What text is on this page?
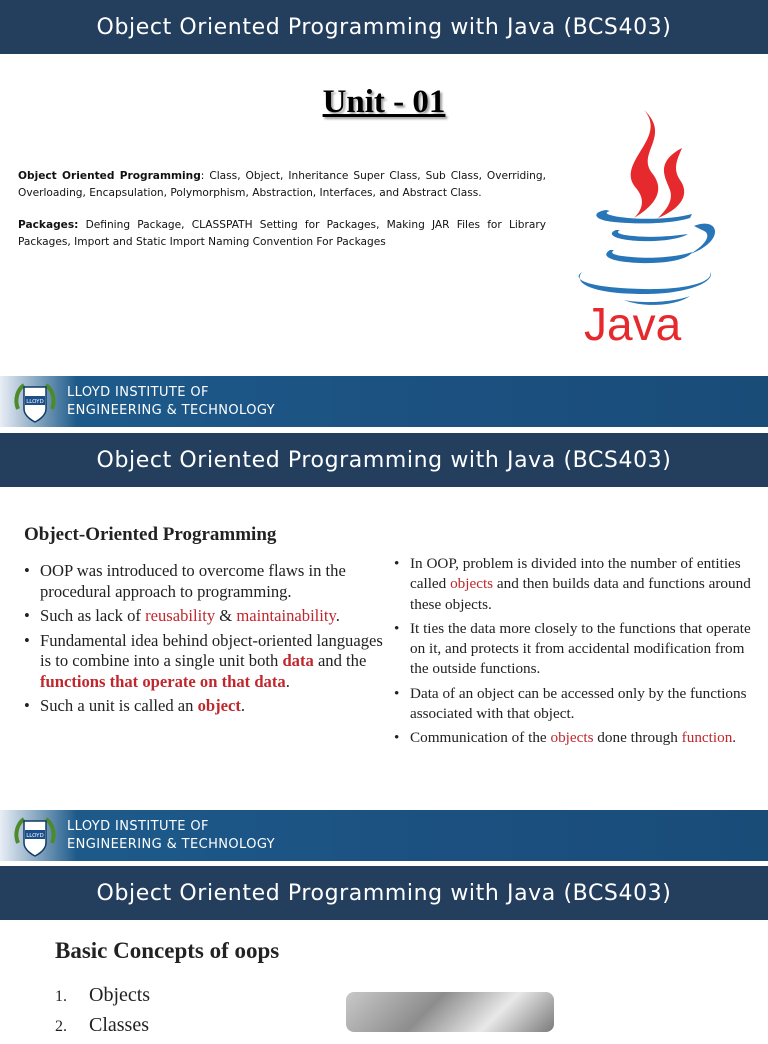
Object Oriented Programming with Java (BCS403)
Unit - 01
Object Oriented Programming: Class, Object, Inheritance Super Class, Sub Class, Overriding, Overloading, Encapsulation, Polymorphism, Abstraction, Interfaces, and Abstract Class.
Packages: Defining Package, CLASSPATH Setting for Packages, Making JAR Files for Library Packages, Import and Static Import Naming Convention For Packages
Java
LLOYD
LLOYD INSTITUTE OF
ENGINEERING & TECHNOLOGY
Object Oriented Programming with Java (BCS403)
Object-Oriented Programming
• OOP was introduced to overcome flaws in the procedural approach to programming.
• Such as lack of reusability & maintainability.
• Fundamental idea behind object-oriented languages is to combine into a single unit both data and the functions that operate on that data.
• Such a unit is called an object.
• In OOP, problem is divided into the number of entities called objects and then builds data and functions around these objects.
• It ties the data more closely to the functions that operate on it, and protects it from accidental modification from the outside functions.
• Data of an object can be accessed only by the functions associated with that object.
• Communication of the objects done through function.
LLOYD
LLOYD INSTITUTE OF
ENGINEERING & TECHNOLOGY
Object Oriented Programming with Java (BCS403)
Basic Concepts of oops
1. Objects
2. Classes
